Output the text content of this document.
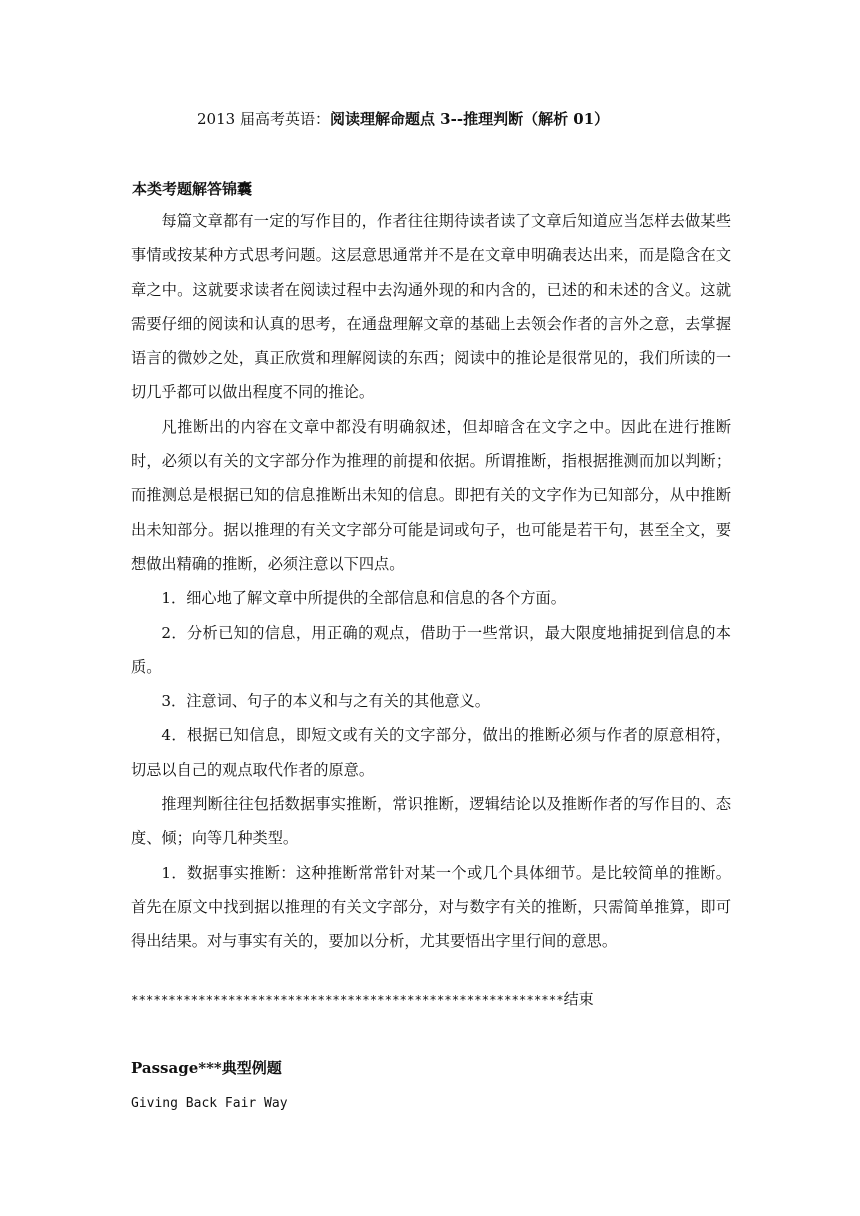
2013 届高考英语：阅读理解命题点 3--推理判断（解析 01）
本类考题解答锦囊

每篇文章都有一定的写作目的，作者往往期待读者读了文章后知道应当怎样去做某些事情或按某种方式思考问题。这层意思通常并不是在文章申明确表达出来，而是隐含在文章之中。这就要求读者在阅读过程中去沟通外现的和内含的，已述的和未述的含义。这就需要仔细的阅读和认真的思考，在通盘理解文章的基础上去领会作者的言外之意，去掌握语言的微妙之处，真正欣赏和理解阅读的东西；阅读中的推论是很常见的，我们所读的一切几乎都可以做出程度不同的推论。

凡推断出的内容在文章中都没有明确叙述，但却暗含在文字之中。因此在进行推断时，必须以有关的文字部分作为推理的前提和依据。所谓推断，指根据推测而加以判断；而推测总是根据已知的信息推断出未知的信息。即把有关的文字作为已知部分，从中推断出未知部分。据以推理的有关文字部分可能是词或句子，也可能是若干句，甚至全文，要想做出精确的推断，必须注意以下四点。

1．细心地了解文章中所提供的全部信息和信息的各个方面。

2．分析已知的信息，用正确的观点，借助于一些常识，最大限度地捕捉到信息的本质。

3．注意词、句子的本义和与之有关的其他意义。

4．根据已知信息，即短文或有关的文字部分，做出的推断必须与作者的原意相符，切忌以自己的观点取代作者的原意。

推理判断往往包括数据事实推断，常识推断，逻辑结论以及推断作者的写作目的、态度、倾；向等几种类型。

1．数据事实推断：这种推断常常针对某一个或几个具体细节。是比较简单的推断。首先在原文中找到据以推理的有关文字部分，对与数字有关的推断，只需简单推算，即可得出结果。对与事实有关的，要加以分析，尤其要悟出字里行间的意思。

**********************************************************结束
Passage***典型例题
Giving Back Fair Way
